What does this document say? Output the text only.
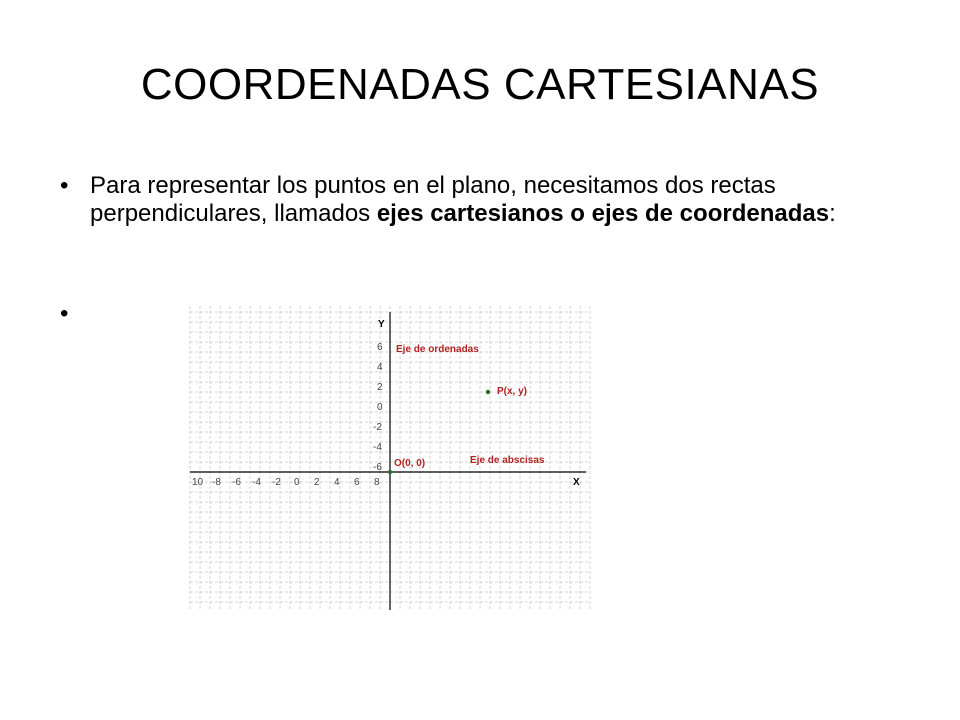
COORDENADAS CARTESIANAS
• Para representar los puntos en el plano, necesitamos dos rectas perpendiculares, llamados ejes cartesianos o ejes de coordenadas:
•
10 -8 -6 -4 -2 0 2 4 6 8
6
4
2
0
-2
-4
-6
Y
X
Eje de ordenadas
Eje de abscisas
P(x, y)
O(0, 0)
